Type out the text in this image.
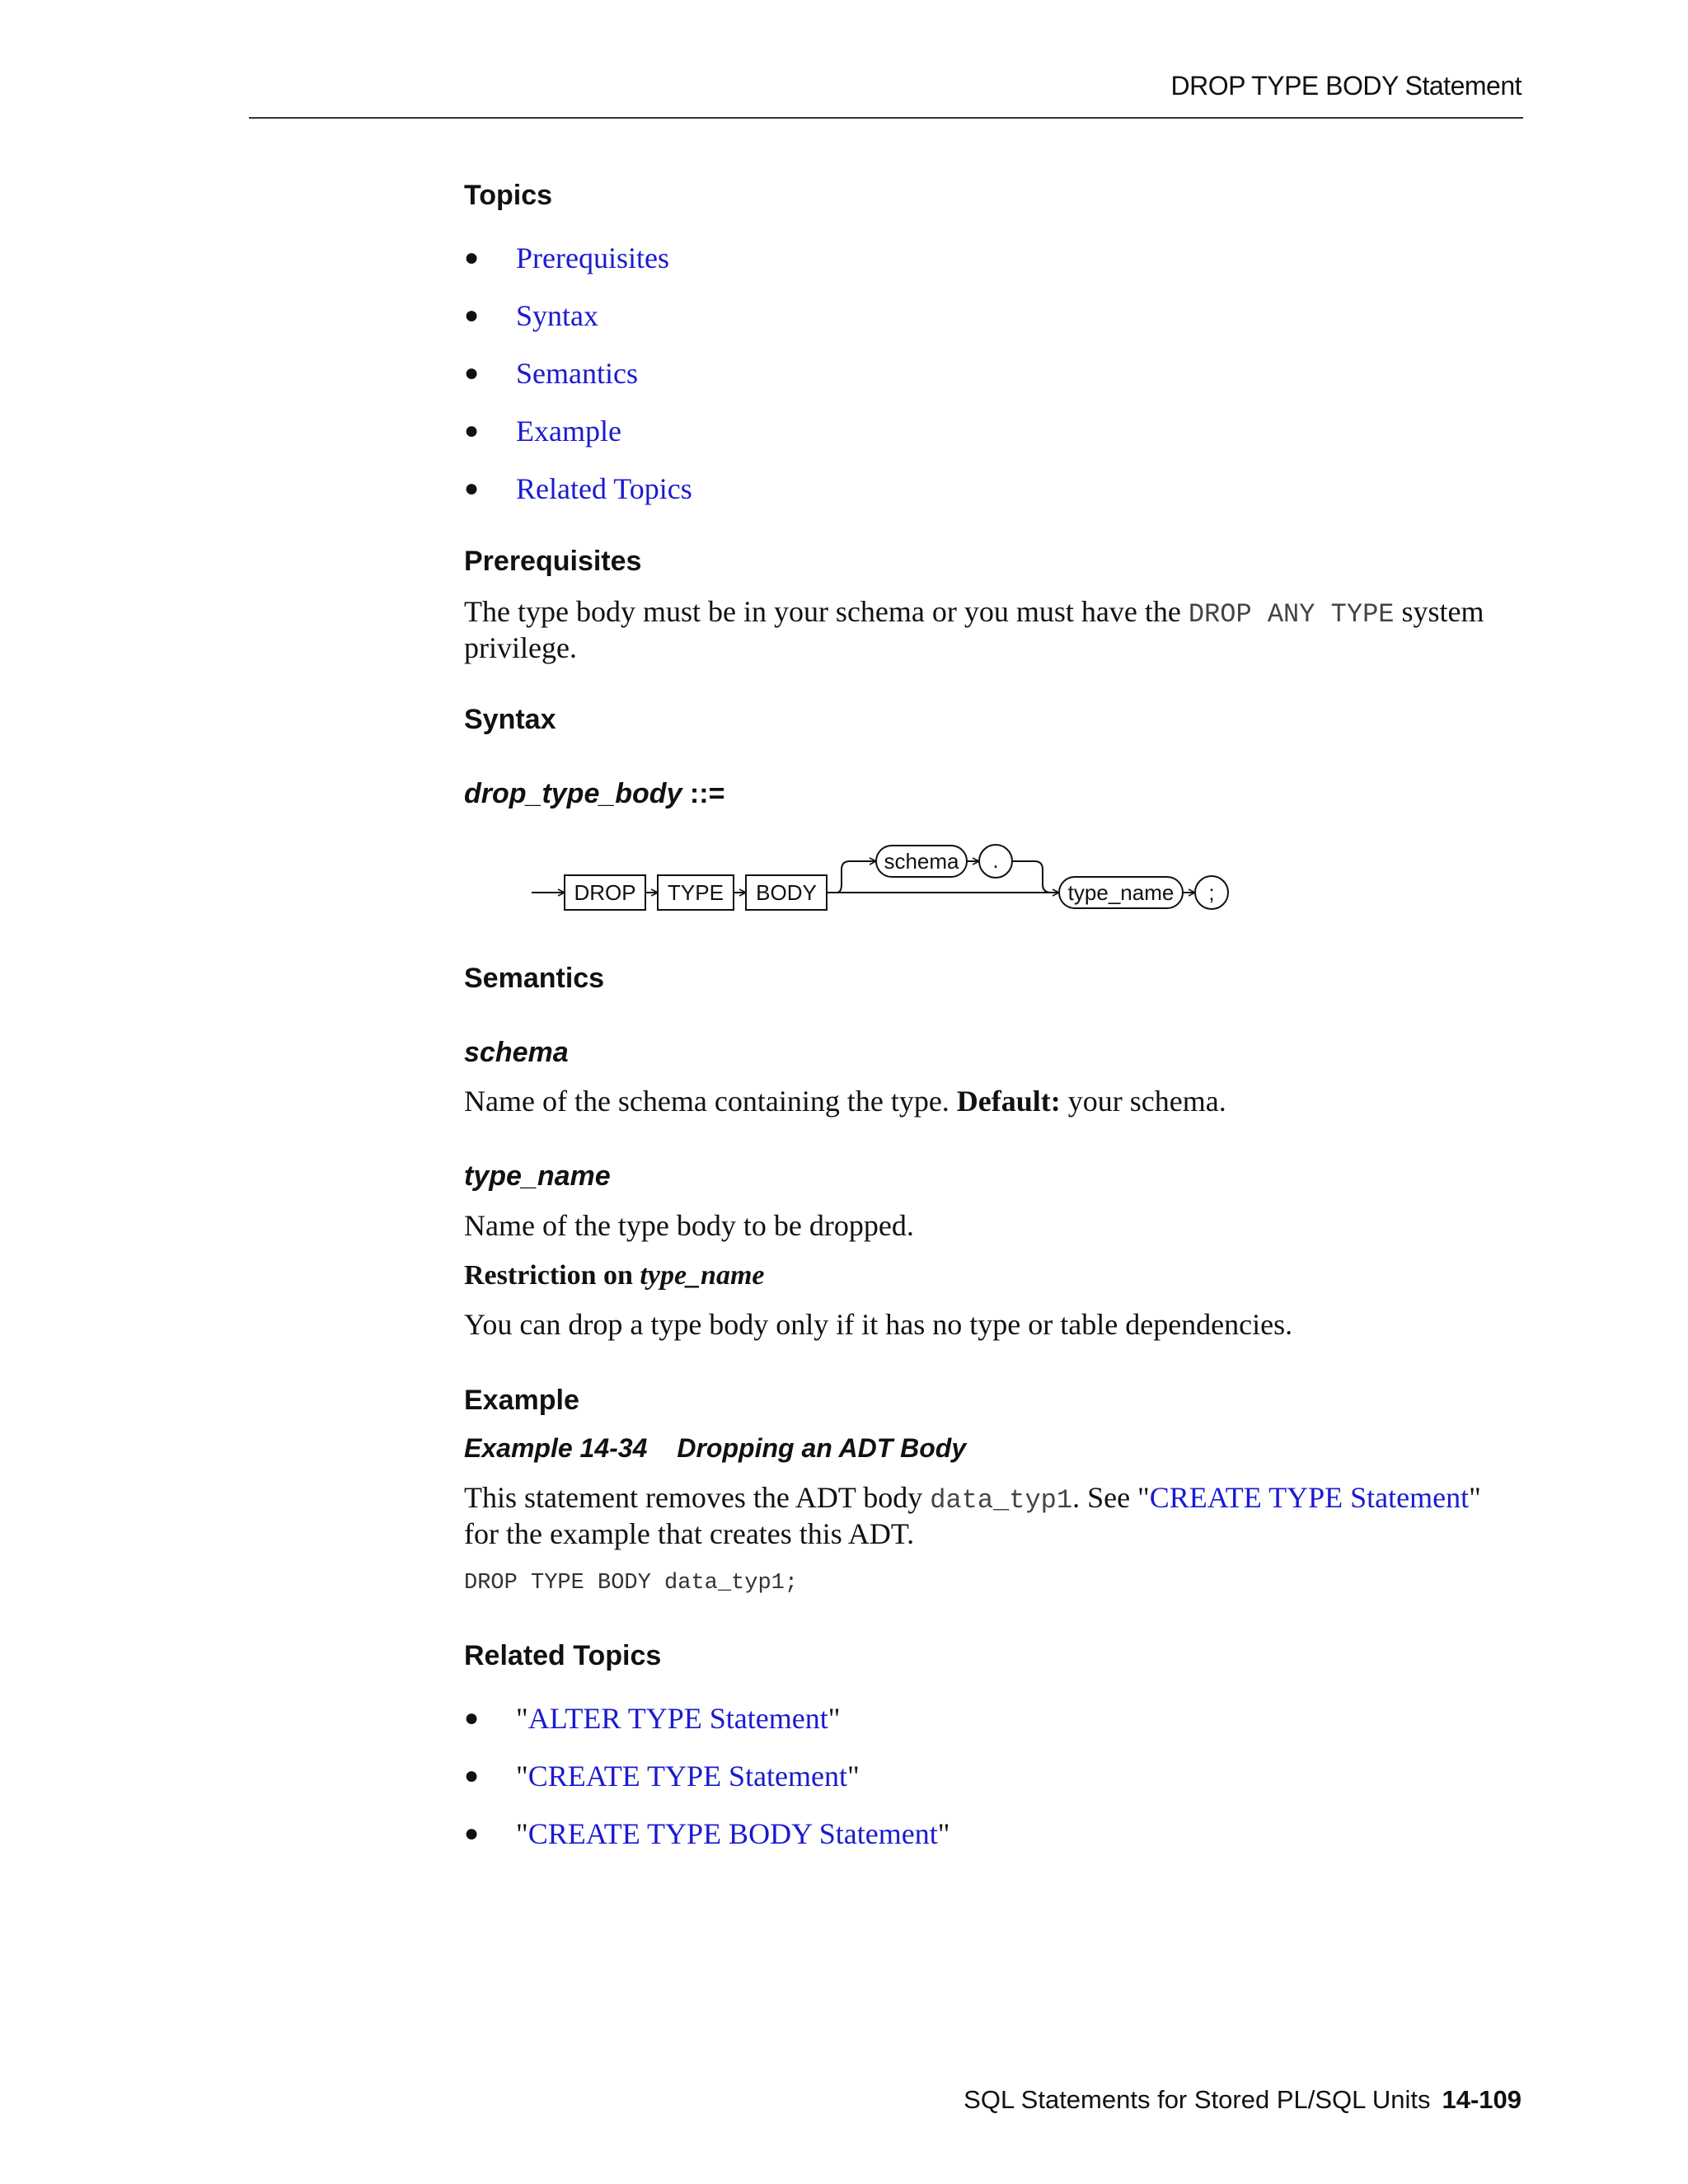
DROP TYPE BODY Statement
Topics
● Prerequisites
● Syntax
● Semantics
● Example
● Related Topics
Prerequisites

The type body must be in your schema or you must have the DROP ANY TYPE system privilege.

Syntax
drop_type_body ::=
Semantics
schema

Name of the schema containing the type. Default: your schema.

type_name

Name of the type body to be dropped.

Restriction on type_name

You can drop a type body only if it has no type or table dependencies.

Example
Example 14-34 Dropping an ADT Body

This statement removes the ADT body data_typ1. See "CREATE TYPE Statement" for the example that creates this ADT.

DROP TYPE BODY data_typ1;
Related Topics
● "ALTER TYPE Statement"
● "CREATE TYPE Statement"
● "CREATE TYPE BODY Statement"
DROP TYPE BODY
schema .
type_name ;
SQL Statements for Stored PL/SQL Units 14-109
